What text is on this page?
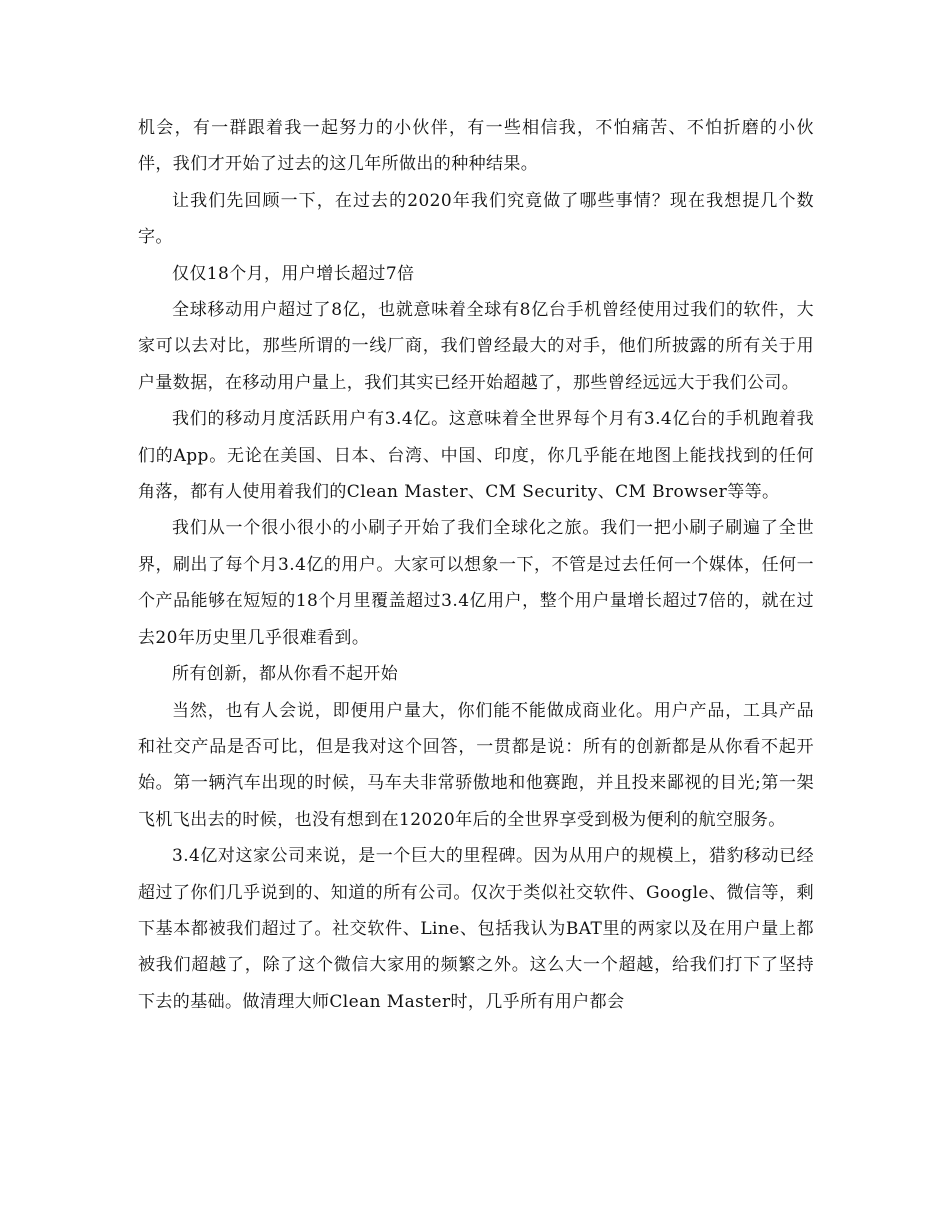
机会，有一群跟着我一起努力的小伙伴，有一些相信我，不怕痛苦、不怕折磨的小伙伴，我们才开始了过去的这几年所做出的种种结果。

让我们先回顾一下，在过去的2020年我们究竟做了哪些事情？现在我想提几个数字。

仅仅18个月，用户增长超过7倍

全球移动用户超过了8亿，也就意味着全球有8亿台手机曾经使用过我们的软件，大家可以去对比，那些所谓的一线厂商，我们曾经最大的对手，他们所披露的所有关于用户量数据，在移动用户量上，我们其实已经开始超越了，那些曾经远远大于我们公司。

我们的移动月度活跃用户有3.4亿。这意味着全世界每个月有3.4亿台的手机跑着我们的App。无论在美国、日本、台湾、中国、印度，你几乎能在地图上能找找到的任何角落，都有人使用着我们的Clean Master、CM Security、CM Browser等等。

我们从一个很小很小的小刷子开始了我们全球化之旅。我们一把小刷子刷遍了全世界，刷出了每个月3.4亿的用户。大家可以想象一下，不管是过去任何一个媒体，任何一个产品能够在短短的18个月里覆盖超过3.4亿用户，整个用户量增长超过7倍的，就在过去20年历史里几乎很难看到。

所有创新，都从你看不起开始

当然，也有人会说，即便用户量大，你们能不能做成商业化。用户产品，工具产品和社交产品是否可比，但是我对这个回答，一贯都是说：所有的创新都是从你看不起开始。第一辆汽车出现的时候，马车夫非常骄傲地和他赛跑，并且投来鄙视的目光;第一架飞机飞出去的时候，也没有想到在12020年后的全世界享受到极为便利的航空服务。

3.4亿对这家公司来说，是一个巨大的里程碑。因为从用户的规模上，猎豹移动已经超过了你们几乎说到的、知道的所有公司。仅次于类似社交软件、Google、微信等，剩下基本都被我们超过了。社交软件、Line、包括我认为BAT里的两家以及在用户量上都被我们超越了，除了这个微信大家用的频繁之外。这么大一个超越，给我们打下了坚持下去的基础。做清理大师Clean Master时，几乎所有用户都会
